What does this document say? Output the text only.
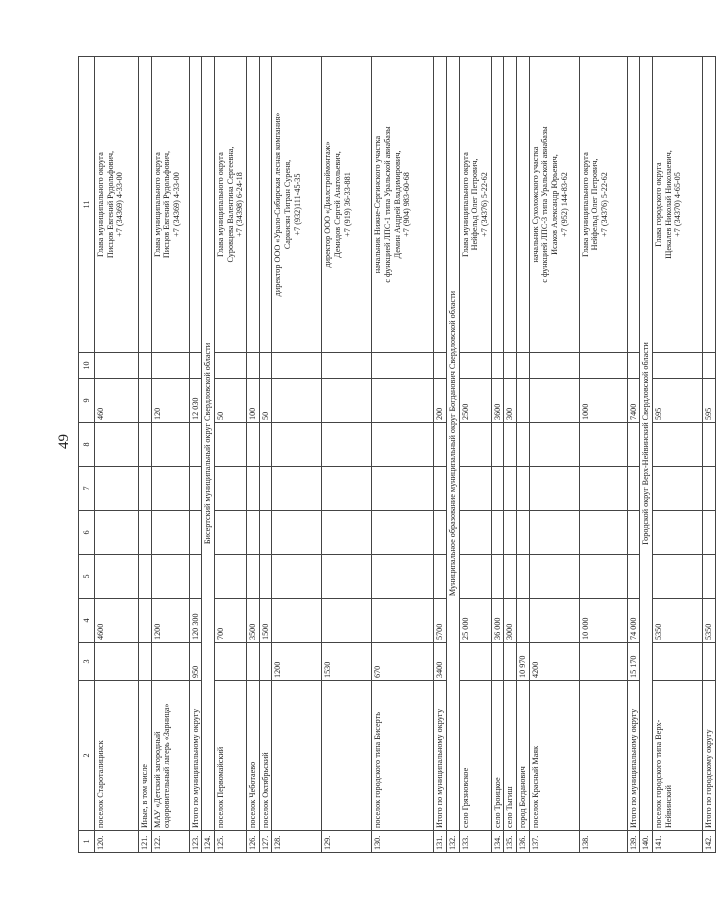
49
1	2	3	4	5	6	7	8	9	10	11
120.	поселок Староталицинск		4600					460		Глава муниципального округа
Писцов Евгений Рудольфович,
+7 (34369) 4-33-00
121.	Иные, в том числе									
122.	МАУ «Детский загородный оздоровительный лагерь «Зарница»		1200					120		Глава муниципального округа
Писцов Евгений Рудольфович,
+7 (34369) 4-33-00
123.	Итого по муниципальному округу	950	120 300					12 030		
124.	Бисертский муниципальный округ Свердловской области									
125.	поселок Первомайский		700					50		Глава муниципального округа
Суровцева Валентина Сергеевна,
+7 (34398) 6-24-18
126.	поселок Чеботаево		3500					100		
127.	поселок Октябрьский		1500					50		
128.		1200								директор ООО «Урало-Сибирская лесная компания»
Саркисян Тигран Суреня,
+7 (932)111-45-35
129.		1530								директор ООО «Диалстроймонтаж»
Демидов Сергей Анатольевич,
+7 (919) 36-33-881
130.	поселок городского типа Бисерть	670								начальник Нижне-Сергинского участка
с функцией ЛПС-1 типа Уральской авиабазы
Демин Андрей Владимирович,
+7 (904) 983-60-68
131.	Итого по муниципальному округу	3400	5700					200		
132.	Муниципальное образование муниципальный округ Богданович Свердловской области									
133.	село Грязновское		25 000					2500		Глава муниципального округа
Нейфельд Олег Петрович,
+7 (34376) 5-22-62
134.	село Троицкое		36 000					3600		
135.	село Тыгиш		3000					300		
136.	город Богданович	10 970								
137.	поселок Красный Маяк	4200								начальник Сухоложского участка
с функцией ЛПС-3 типа Уральской авиабазы
Исаков Александр Юрьевич,
+7 (952) 144-83-62
138.			10 000					1000		Глава муниципального округа
Нейфельд Олег Петрович,
+7 (34376) 5-22-62
139.	Итого по муниципальному округу	15 170	74 000					7400		
140.	Городской округ Верх-Нейвинский Свердловской области									
141.	поселок городского типа Верх-Нейвинский		5350					595		Глава городского округа
Щекалев Николай Николаевич,
+7 (34370) 4-65-05
142.	Итого по городскому округу		5350					595		
